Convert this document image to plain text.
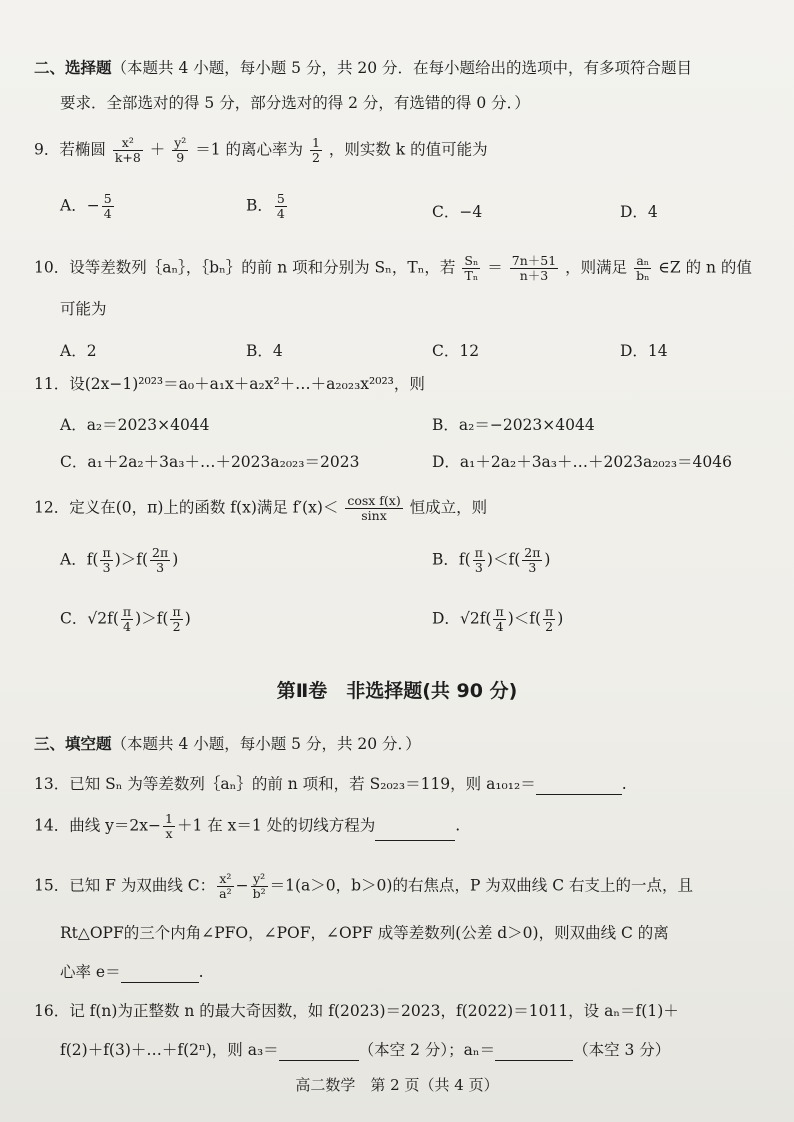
二、选择题（本题共 4 小题，每小题 5 分，共 20 分．在每小题给出的选项中，有多项符合题目
要求．全部选对的得 5 分，部分选对的得 2 分，有选错的得 0 分．）
9．若椭圆 $\frac{\text{x²}}{k+8} + \frac{\text{y²}}{9} =1$ 的离心率为 $\frac{1}{2}$ ，则实数 k 的值可能为
A．− $\frac{5}{4}$	B． $\frac{5}{4}$	C．−4	D．4
10．设等差数列｛aₙ｝，｛bₙ｝的前 n 项和分别为 Sₙ，Tₙ，若 $\frac{\text{Sₙ}}{\text{Tₙ}} = \frac{7n+51}{n+3}$ ，则满足 $\frac{\text{aₙ}}{\text{bₙ}}$ ∈Z 的 n 的值
可能为
A．2	B．4	C．12	D．14
11．设(2x−1)²⁰²³＝a₀＋a₁x＋a₂x²＋…＋a₂₀₂₃x²⁰²³，则
A．a₂＝2023×4044	B．a₂＝−2023×4044
C．a₁＋2a₂＋3a₃＋…＋2023a₂₀₂₃＝2023	D．a₁＋2a₂＋3a₃＋…＋2023a₂₀₂₃＝4046
12．定义在(0，π)上的函数 f(x)满足 $f'(x)< \frac{\text{cosx f(x)}}{\sin x}$ 恒成立，则
A．$f( \frac{\pi}{3} )>f( \frac{2\pi}{3}$ )	B．$f( \frac{\pi}{3} )<f( \frac{2\pi}{3}$ )
C．$√2f( \frac{\pi}{4} )>f( \frac{\pi}{2}$ )	D．$√2f( \frac{\pi}{4} )<f( \frac{\pi}{2}$ )
第Ⅱ卷　非选择题(共 90 分)
三、填空题（本题共 4 小题，每小题 5 分，共 20 分．）
13．已知 Sₙ 为等差数列｛aₙ｝的前 n 项和，若 S₂₀₂₃＝119，则 a₁₀₁₂＝	.
14．曲线 $y=2x- \frac{1}{x} +1$ 在 x＝1 处的切线方程为	.
15．已知 F 为双曲线 C： $\frac{\text{x²}}{\text{a²}} - \frac{\text{y²}}{\text{b²}} =1(a>0$，b＞0)的右焦点，P 为双曲线 C 右支上的一点，且
Rt△OPF的三个内角∠PFO，∠POF，∠OPF 成等差数列(公差 d＞0)，则双曲线 C 的离
心率 e＝	.
16．记 f(n)为正整数 n 的最大奇因数，如 f(2023)＝2023，f(2022)＝1011，设 aₙ＝f(1)＋
f(2)＋f(3)＋…＋f(2ⁿ)，则 a₃＝	（本空 2 分）；aₙ＝	（本空 3 分）
高二数学　第 2 页（共 4 页）
